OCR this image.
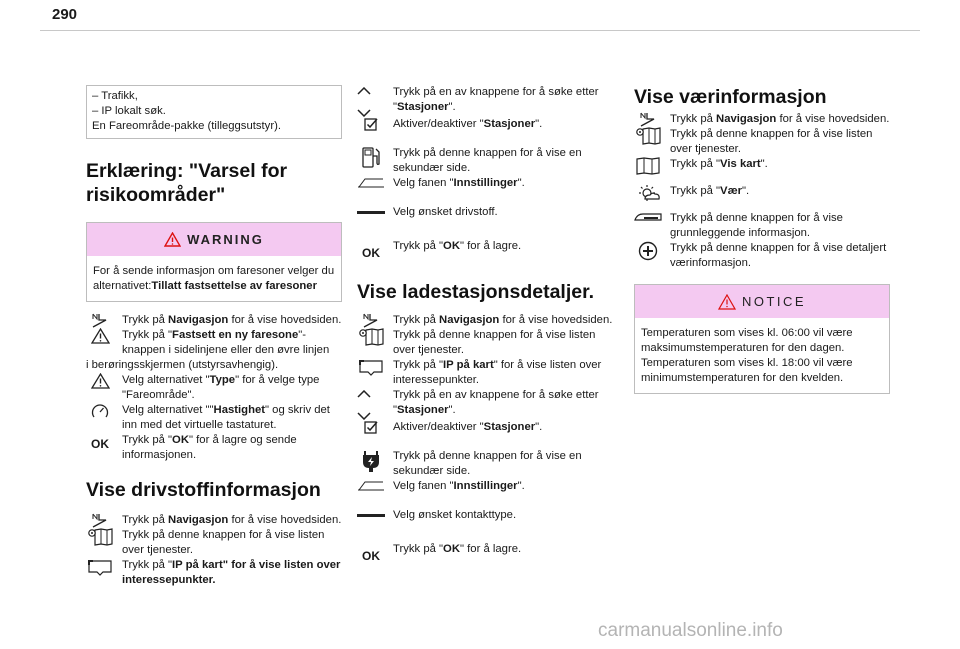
290

– Trafikk,

– IP lokalt søk.

En Fareområde-pakke (tilleggsutstyr).

Erklæring: "Varsel for risikoområder"
WARNING
For å sende informasjon om faresoner velger du alternativet:Tillatt fastsettelse av faresoner
Trykk på Navigasjon for å vise hovedsiden.
Trykk på "Fastsett en ny faresone"-knappen i sidelinjene eller den øvre linjen
i berøringsskjermen (utstyrsavhengig).
Velg alternativet "Type" for å velge type "Fareområde".
Velg alternativet ""Hastighet" og skriv det inn med det virtuelle tastaturet.
OK	Trykk på "OK" for å lagre og sende informasjonen.
Vise drivstoffinformasjon
Trykk på Navigasjon for å vise hovedsiden.
Trykk på denne knappen for å vise listen over tjenester.
Trykk på "IP på kart" for å vise listen over interessepunkter.
Trykk på en av knappene for å søke etter "Stasjoner".
Aktiver/deaktiver "Stasjoner".
Trykk på denne knappen for å vise en sekundær side.
Velg fanen "Innstillinger".
Velg ønsket drivstoff.
OK	Trykk på "OK" for å lagre.
Vise ladestasjonsdetaljer.
Trykk på Navigasjon for å vise hovedsiden.
Trykk på denne knappen for å vise listen over tjenester.
Trykk på "IP på kart" for å vise listen over interessepunkter.
Trykk på en av knappene for å søke etter "Stasjoner".
Aktiver/deaktiver "Stasjoner".
Trykk på denne knappen for å vise en sekundær side.
Velg fanen "Innstillinger".
Velg ønsket kontakttype.
OK	Trykk på "OK" for å lagre.
Vise værinformasjon
Trykk på Navigasjon for å vise hovedsiden.
Trykk på denne knappen for å vise listen over tjenester.
Trykk på "Vis kart".
Trykk på "Vær".
Trykk på denne knappen for å vise grunnleggende informasjon.
Trykk på denne knappen for å vise detaljert værinformasjon.
NOTICE
Temperaturen som vises kl. 06:00 vil være maksimumstemperaturen for den dagen. Temperaturen som vises kl. 18:00 vil være minimumstemperaturen for den kvelden.
carmanualsonline.info
